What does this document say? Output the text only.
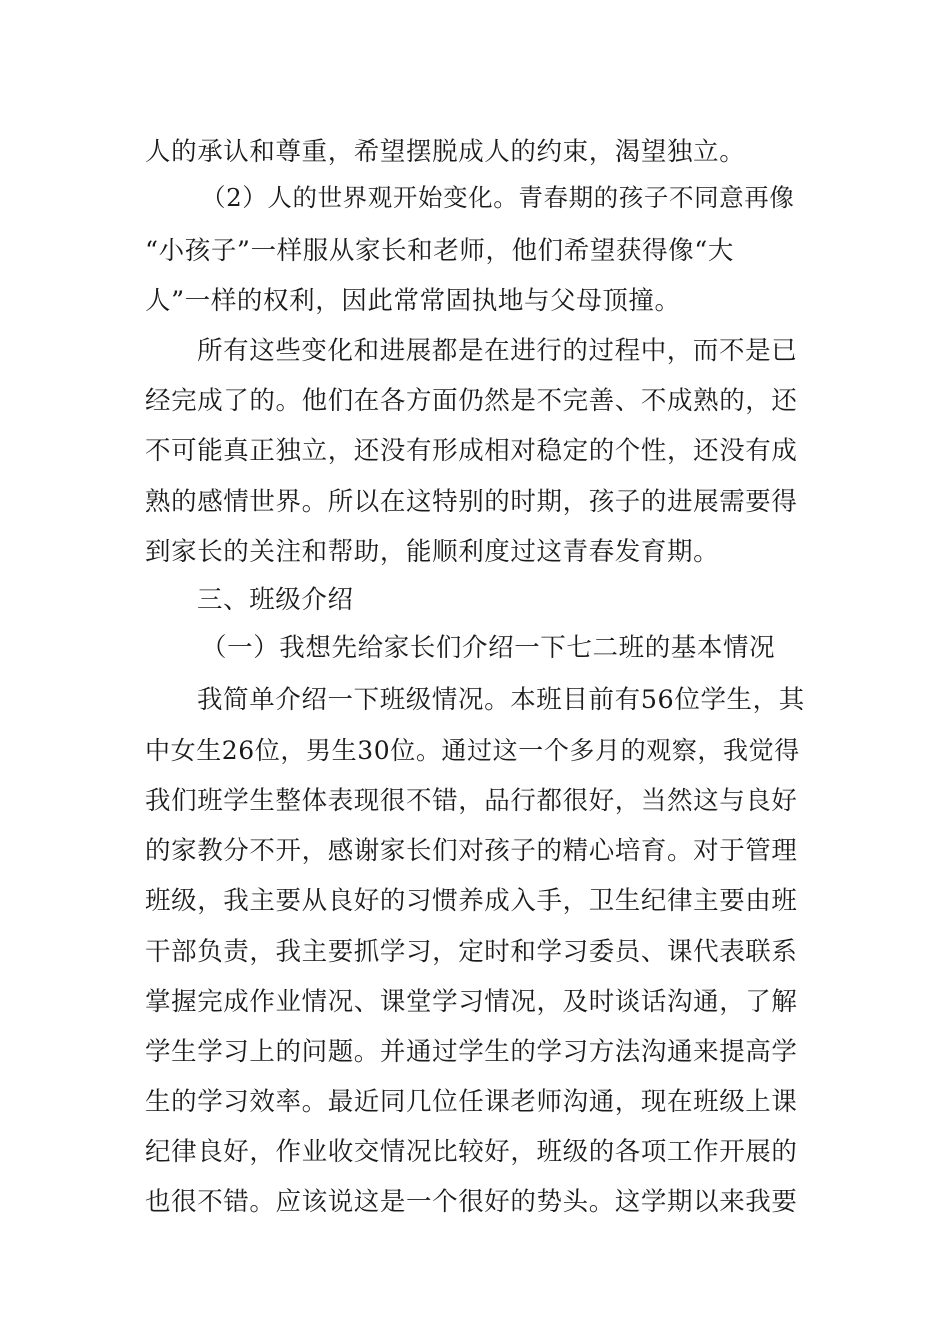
人的承认和尊重，希望摆脱成人的约束，渴望独立。

（2）人的世界观开始变化。青春期的孩子不同意再像

“小孩子”一样服从家长和老师，他们希望获得像“大

人”一样的权利，因此常常固执地与父母顶撞。

所有这些变化和进展都是在进行的过程中，而不是已

经完成了的。他们在各方面仍然是不完善、不成熟的，还

不可能真正独立，还没有形成相对稳定的个性，还没有成

熟的感情世界。所以在这特别的时期，孩子的进展需要得

到家长的关注和帮助，能顺利度过这青春发育期。

三、班级介绍

（一）我想先给家长们介绍一下七二班的基本情况

我简单介绍一下班级情况。本班目前有56位学生，其

中女生26位，男生30位。通过这一个多月的观察，我觉得

我们班学生整体表现很不错，品行都很好，当然这与良好

的家教分不开，感谢家长们对孩子的精心培育。对于管理

班级，我主要从良好的习惯养成入手，卫生纪律主要由班

干部负责，我主要抓学习，定时和学习委员、课代表联系

掌握完成作业情况、课堂学习情况，及时谈话沟通，了解

学生学习上的问题。并通过学生的学习方法沟通来提高学

生的学习效率。最近同几位任课老师沟通，现在班级上课

纪律良好，作业收交情况比较好，班级的各项工作开展的

也很不错。应该说这是一个很好的势头。这学期以来我要
